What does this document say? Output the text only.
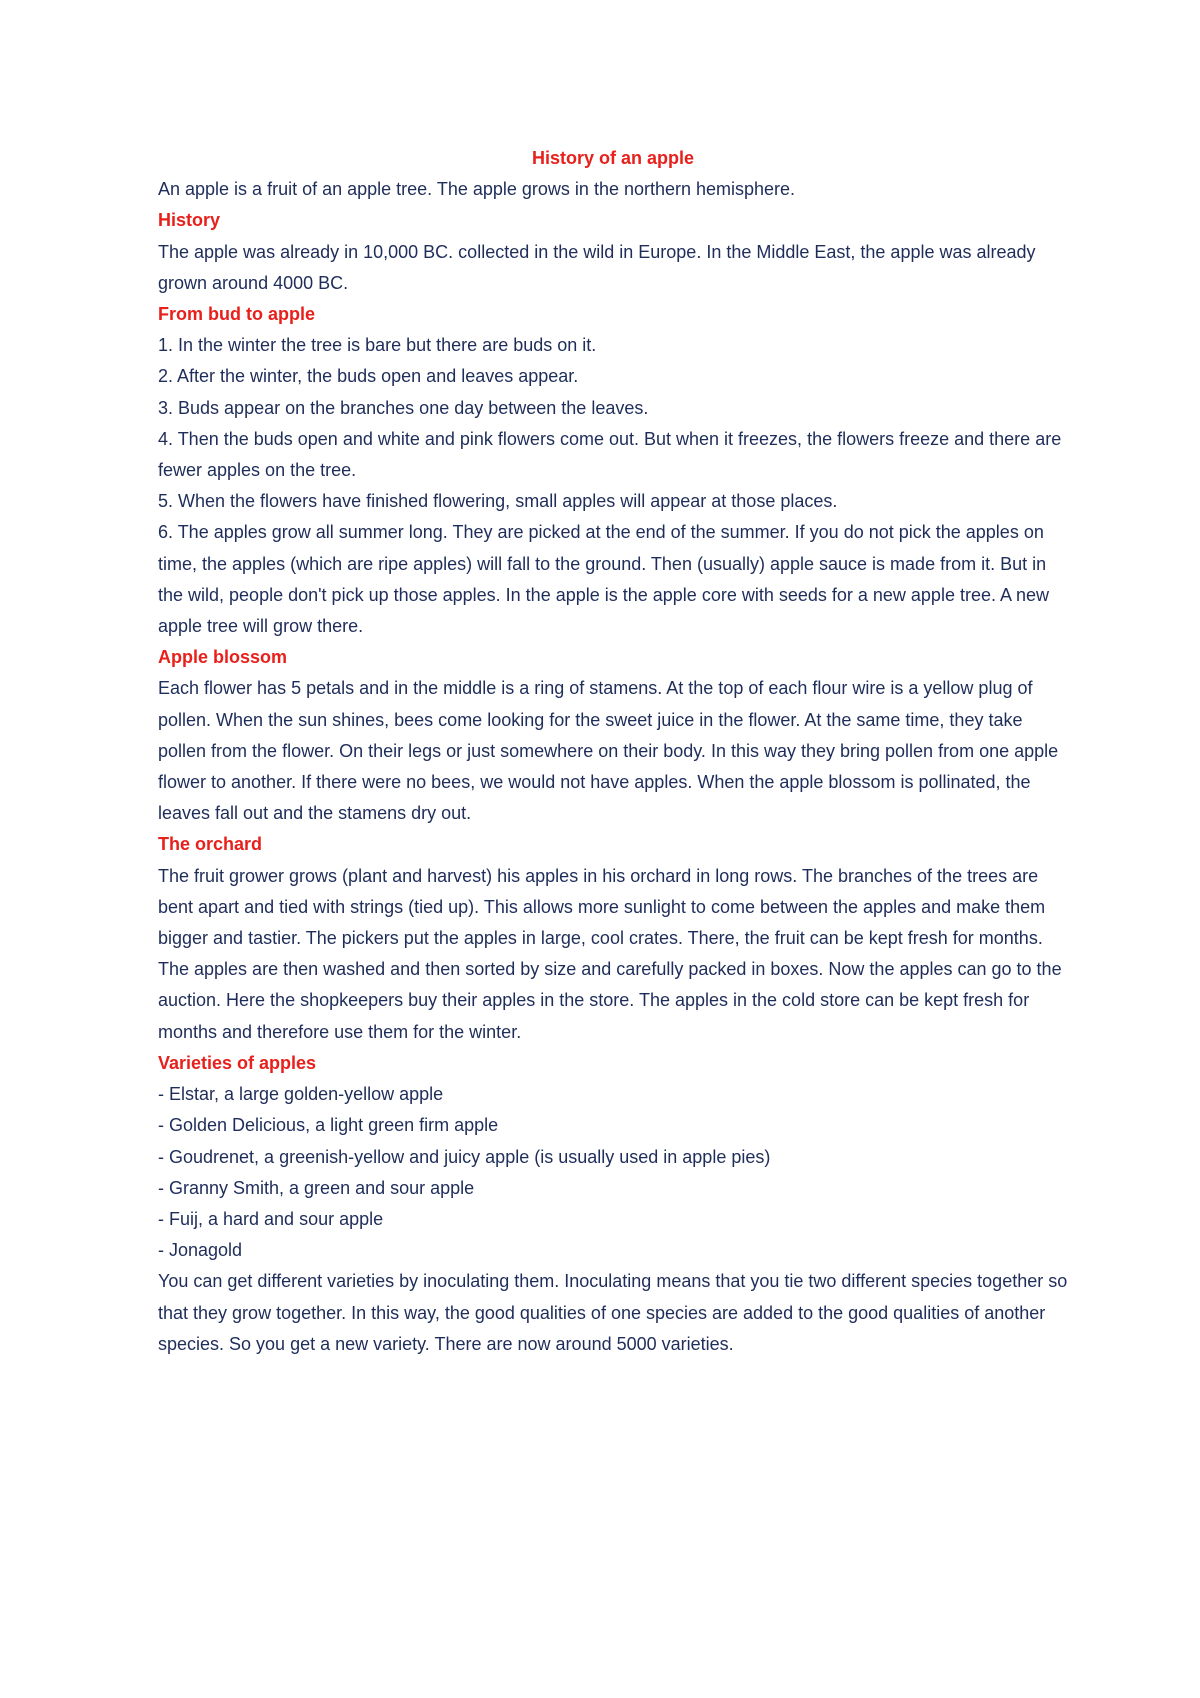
History of an apple

An apple is a fruit of an apple tree. The apple grows in the northern hemisphere.

History

The apple was already in 10,000 BC. collected in the wild in Europe. In the Middle East, the apple was already grown around 4000 BC.

From bud to apple

1. In the winter the tree is bare but there are buds on it.

2. After the winter, the buds open and leaves appear.

3. Buds appear on the branches one day between the leaves.

4. Then the buds open and white and pink flowers come out. But when it freezes, the flowers freeze and there are fewer apples on the tree.

5. When the flowers have finished flowering, small apples will appear at those places.

6. The apples grow all summer long. They are picked at the end of the summer. If you do not pick the apples on time, the apples (which are ripe apples) will fall to the ground. Then (usually) apple sauce is made from it. But in the wild, people don't pick up those apples. In the apple is the apple core with seeds for a new apple tree. A new apple tree will grow there.

Apple blossom

Each flower has 5 petals and in the middle is a ring of stamens. At the top of each flour wire is a yellow plug of pollen. When the sun shines, bees come looking for the sweet juice in the flower. At the same time, they take pollen from the flower. On their legs or just somewhere on their body. In this way they bring pollen from one apple flower to another. If there were no bees, we would not have apples. When the apple blossom is pollinated, the leaves fall out and the stamens dry out.

The orchard

The fruit grower grows (plant and harvest) his apples in his orchard in long rows. The branches of the trees are bent apart and tied with strings (tied up). This allows more sunlight to come between the apples and make them bigger and tastier. The pickers put the apples in large, cool crates. There, the fruit can be kept fresh for months. The apples are then washed and then sorted by size and carefully packed in boxes. Now the apples can go to the auction. Here the shopkeepers buy their apples in the store. The apples in the cold store can be kept fresh for months and therefore use them for the winter.

Varieties of apples

- Elstar, a large golden-yellow apple

- Golden Delicious, a light green firm apple

- Goudrenet, a greenish-yellow and juicy apple (is usually used in apple pies)

- Granny Smith, a green and sour apple

- Fuij, a hard and sour apple

- Jonagold

You can get different varieties by inoculating them. Inoculating means that you tie two different species together so that they grow together. In this way, the good qualities of one species are added to the good qualities of another species. So you get a new variety. There are now around 5000 varieties.
